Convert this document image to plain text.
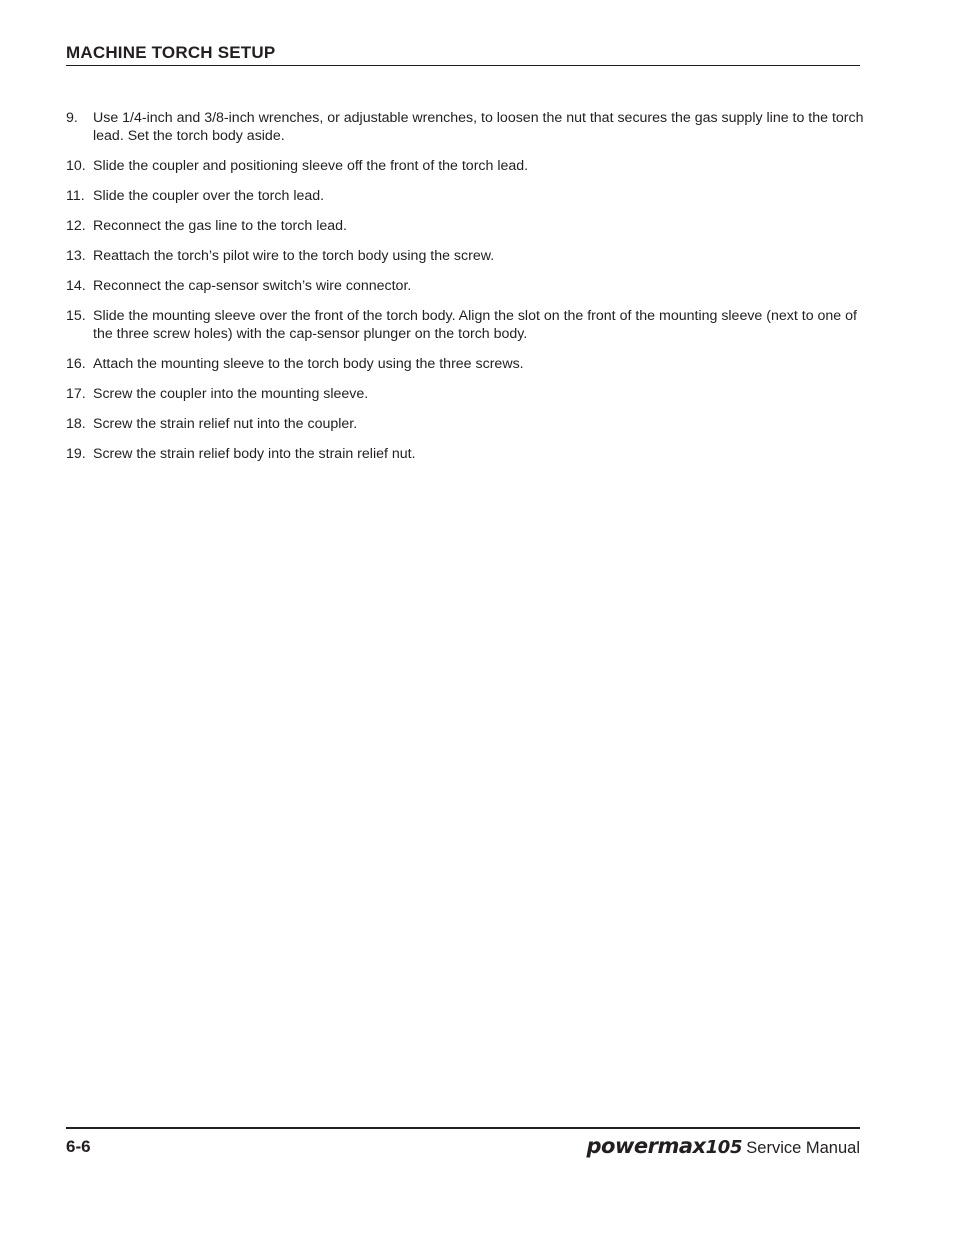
MACHINE TORCH SETUP
9. Use 1/4-inch and 3/8-inch wrenches, or adjustable wrenches, to loosen the nut that secures the gas supply line to the torch lead. Set the torch body aside.
10. Slide the coupler and positioning sleeve off the front of the torch lead.
11. Slide the coupler over the torch lead.
12. Reconnect the gas line to the torch lead.
13. Reattach the torch’s pilot wire to the torch body using the screw.
14. Reconnect the cap-sensor switch’s wire connector.
15. Slide the mounting sleeve over the front of the torch body. Align the slot on the front of the mounting sleeve (next to one of the three screw holes) with the cap-sensor plunger on the torch body.
16. Attach the mounting sleeve to the torch body using the three screws.
17. Screw the coupler into the mounting sleeve.
18. Screw the strain relief nut into the coupler.
19. Screw the strain relief body into the strain relief nut.
6-6	powermax105 Service Manual
